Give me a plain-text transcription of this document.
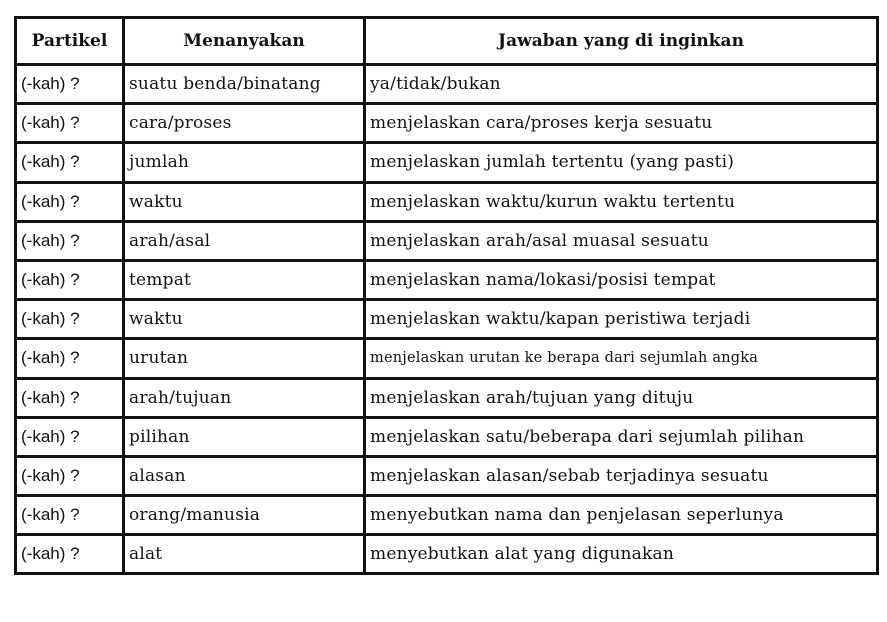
Partikel	Menanyakan	Jawaban yang di inginkan
(-kah) ?	suatu benda/binatang	ya/tidak/bukan
(-kah) ?	cara/proses	menjelaskan cara/proses kerja sesuatu
(-kah) ?	jumlah	menjelaskan jumlah tertentu (yang pasti)
(-kah) ?	waktu	menjelaskan waktu/kurun waktu tertentu
(-kah) ?	arah/asal	menjelaskan arah/asal muasal sesuatu
(-kah) ?	tempat	menjelaskan nama/lokasi/posisi tempat
(-kah) ?	waktu	menjelaskan waktu/kapan peristiwa terjadi
(-kah) ?	urutan	menjelaskan urutan ke berapa dari sejumlah angka
(-kah) ?	arah/tujuan	menjelaskan arah/tujuan yang dituju
(-kah) ?	pilihan	menjelaskan satu/beberapa dari sejumlah pilihan
(-kah) ?	alasan	menjelaskan alasan/sebab terjadinya sesuatu
(-kah) ?	orang/manusia	menyebutkan nama dan penjelasan seperlunya
(-kah) ?	alat	menyebutkan alat yang digunakan
